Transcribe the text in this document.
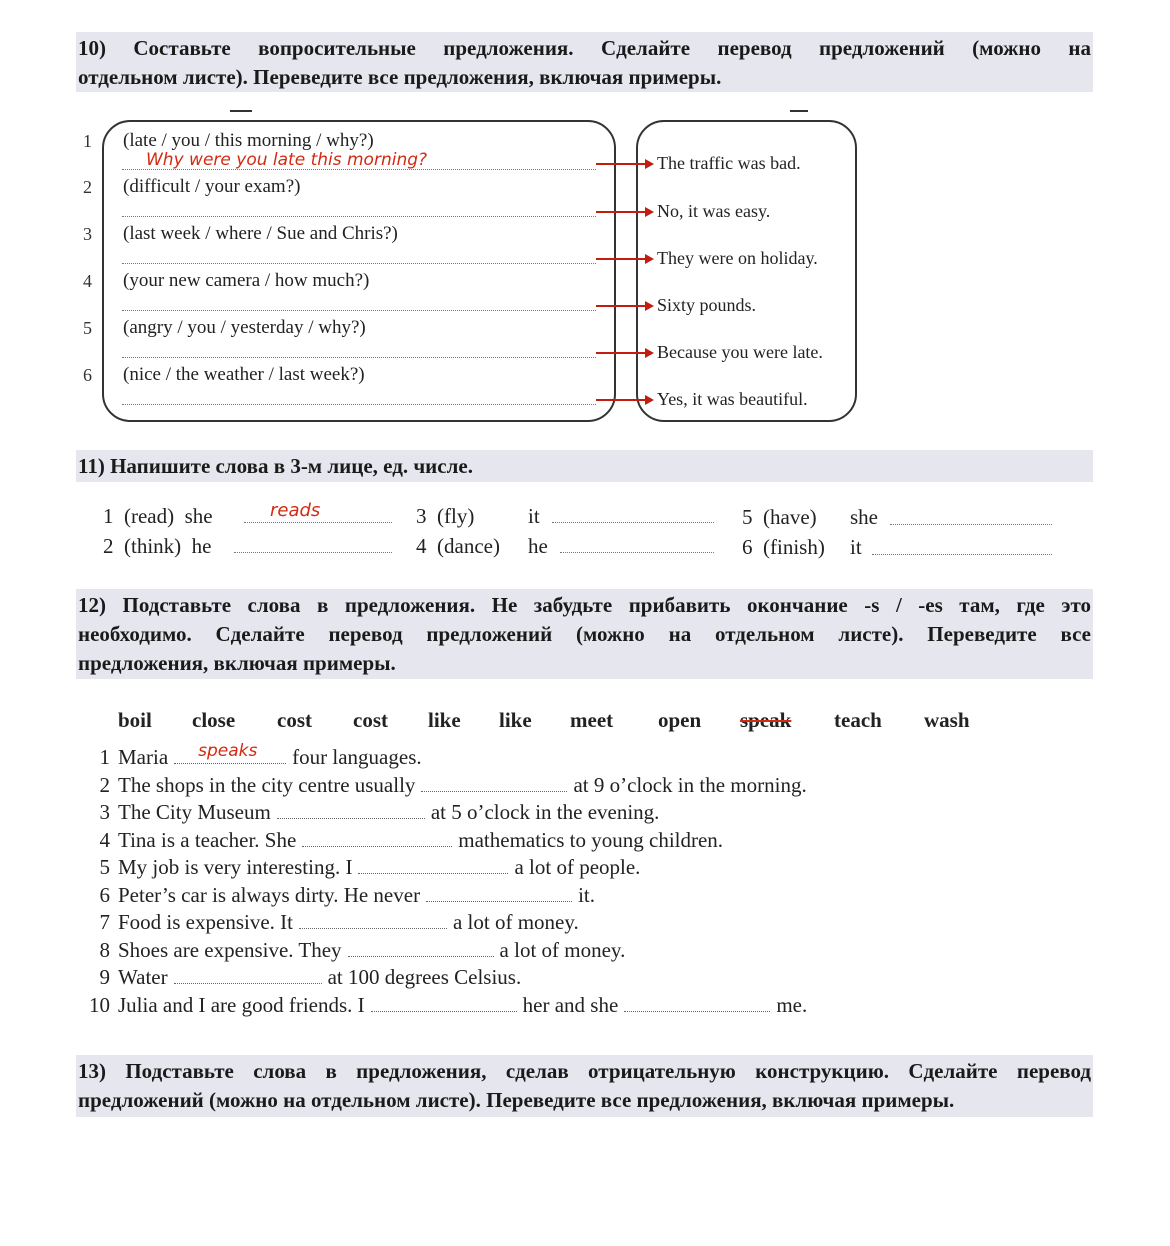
10) Составьте вопросительные предложения. Сделайте перевод предложений (можно на
отдельном листе). Переведите все предложения, включая примеры.
1 (late / you / this morning / why?)
Why were you late this morning?
2 (difficult / your exam?)
3 (last week / where / Sue and Chris?)
4 (your new camera / how much?)
5 (angry / you / yesterday / why?)
6 (nice / the weather / last week?)
The traffic was bad.
No, it was easy.
They were on holiday.
Sixty pounds.
Because you were late.
Yes, it was beautiful.
11) Напишите слова в 3-м лице, ед. числе.
1  (read)  she	reads
2  (think)  he
3  (fly)	it
4  (dance) he
5  (have) she
6  (finish) it
12) Подставьте слова в предложения. Не забудьте прибавить окончание -s / -es там, где это
необходимо. Сделайте перевод предложений (можно на отдельном листе). Переведите все
предложения, включая примеры.
boil close cost cost like like meet open speak teach wash
1 Maria speaks four languages.
2 The shops in the city centre usually	at 9 o’clock in the morning.
3 The City Museum	at 5 o’clock in the evening.
4 Tina is a teacher. She	mathematics to young children.
5 My job is very interesting. I	a lot of people.
6 Peter’s car is always dirty. He never	it.
7 Food is expensive. It	a lot of money.
8 Shoes are expensive. They	a lot of money.
9 Water	at 100 degrees Celsius.
10 Julia and I are good friends. I	her and she	me.
13) Подставьте слова в предложения, сделав отрицательную конструкцию. Сделайте перевод
предложений (можно на отдельном листе). Переведите все предложения, включая примеры.
